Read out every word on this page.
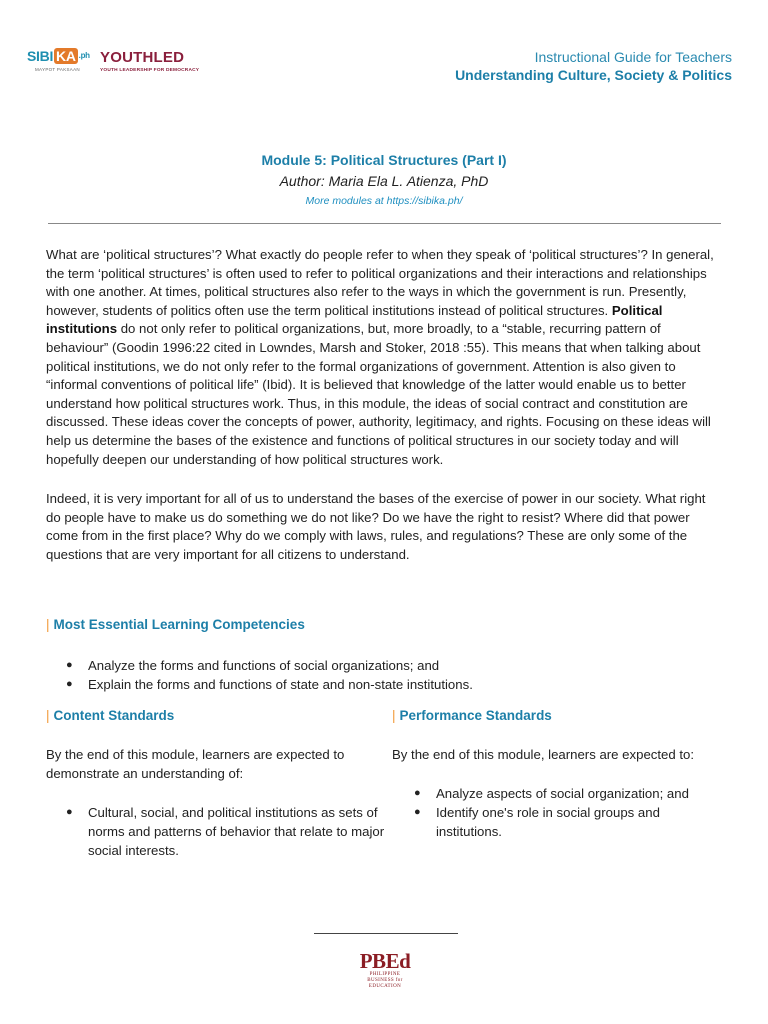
SIBI KA .ph
MAYPOT PAKSAAN
YOUTHLED
YOUTH LEADERSHIP FOR DEMOCRACY
Instructional Guide for Teachers
Understanding Culture, Society & Politics
Module 5: Political Structures (Part I)
Author: Maria Ela L. Atienza, PhD
More modules at https://sibika.ph/

What are ‘political structures’? What exactly do people refer to when they speak of ‘political structures’? In general, the term ‘political structures’ is often used to refer to political organizations and their interactions and relationships with one another. At times, political structures also refer to the ways in which the government is run. Presently, however, students of politics often use the term political institutions instead of political structures. Political institutions do not only refer to political organizations, but, more broadly, to a “stable, recurring pattern of behaviour” (Goodin 1996:22 cited in Lowndes, Marsh and Stoker, 2018 :55). This means that when talking about political institutions, we do not only refer to the formal organizations of government. Attention is also given to “informal conventions of political life” (Ibid). It is believed that knowledge of the latter would enable us to better understand how political structures work. Thus, in this module, the ideas of social contract and constitution are discussed. These ideas cover the concepts of power, authority, legitimacy, and rights. Focusing on these ideas will help us determine the bases of the existence and functions of political structures in our society today and will hopefully deepen our understanding of how political structures work.

Indeed, it is very important for all of us to understand the bases of the exercise of power in our society. What right do people have to make us do something we do not like? Do we have the right to resist? Where did that power come from in the first place? Why do we comply with laws, rules, and regulations? These are only some of the questions that are very important for all citizens to understand.

| Most Essential Learning Competencies
● Analyze the forms and functions of social organizations; and
● Explain the forms and functions of state and non-state institutions.
| Content Standards
By the end of this module, learners are expected to demonstrate an understanding of:
● Cultural, social, and political institutions as sets of norms and patterns of behavior that relate to major social interests.
| Performance Standards
By the end of this module, learners are expected to:
● Analyze aspects of social organization; and
● Identify one's role in social groups and institutions.
PBEd
PHILIPPINE
BUSINESS for
EDUCATION
